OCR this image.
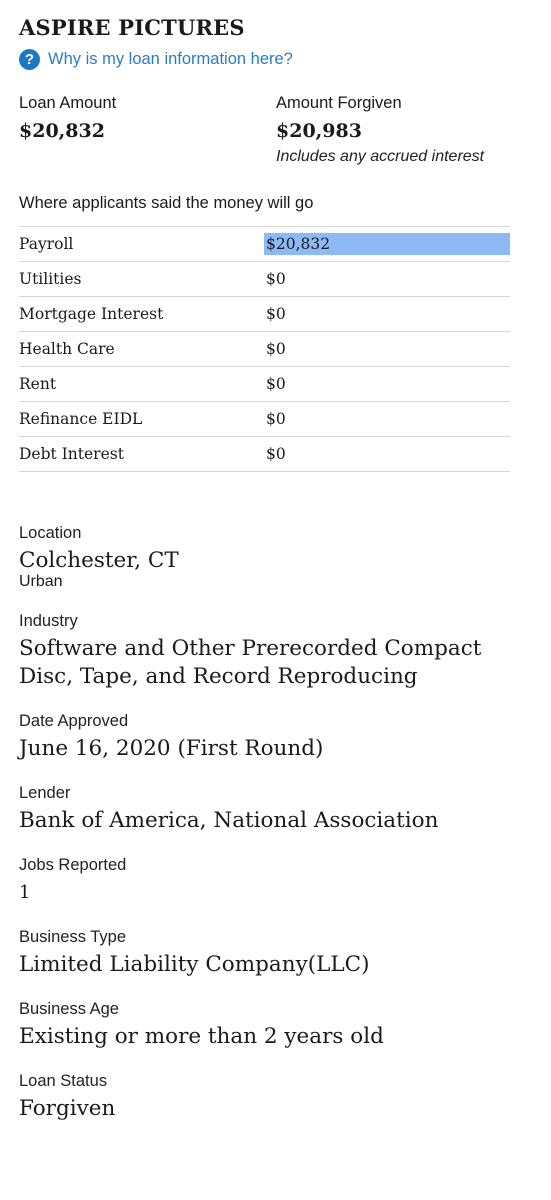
ASPIRE PICTURES
? Why is my loan information here?
Loan Amount
$20,832
Amount Forgiven
$20,983
Includes any accrued interest
Where applicants said the money will go
Payroll	$20,832
Utilities	$0
Mortgage Interest	$0
Health Care	$0
Rent	$0
Refinance EIDL	$0
Debt Interest	$0
Location
Colchester, CT
Urban
Industry
Software and Other Prerecorded Compact Disc, Tape, and Record Reproducing
Date Approved
June 16, 2020 (First Round)
Lender
Bank of America, National Association
Jobs Reported
1
Business Type
Limited Liability Company(LLC)
Business Age
Existing or more than 2 years old
Loan Status
Forgiven
